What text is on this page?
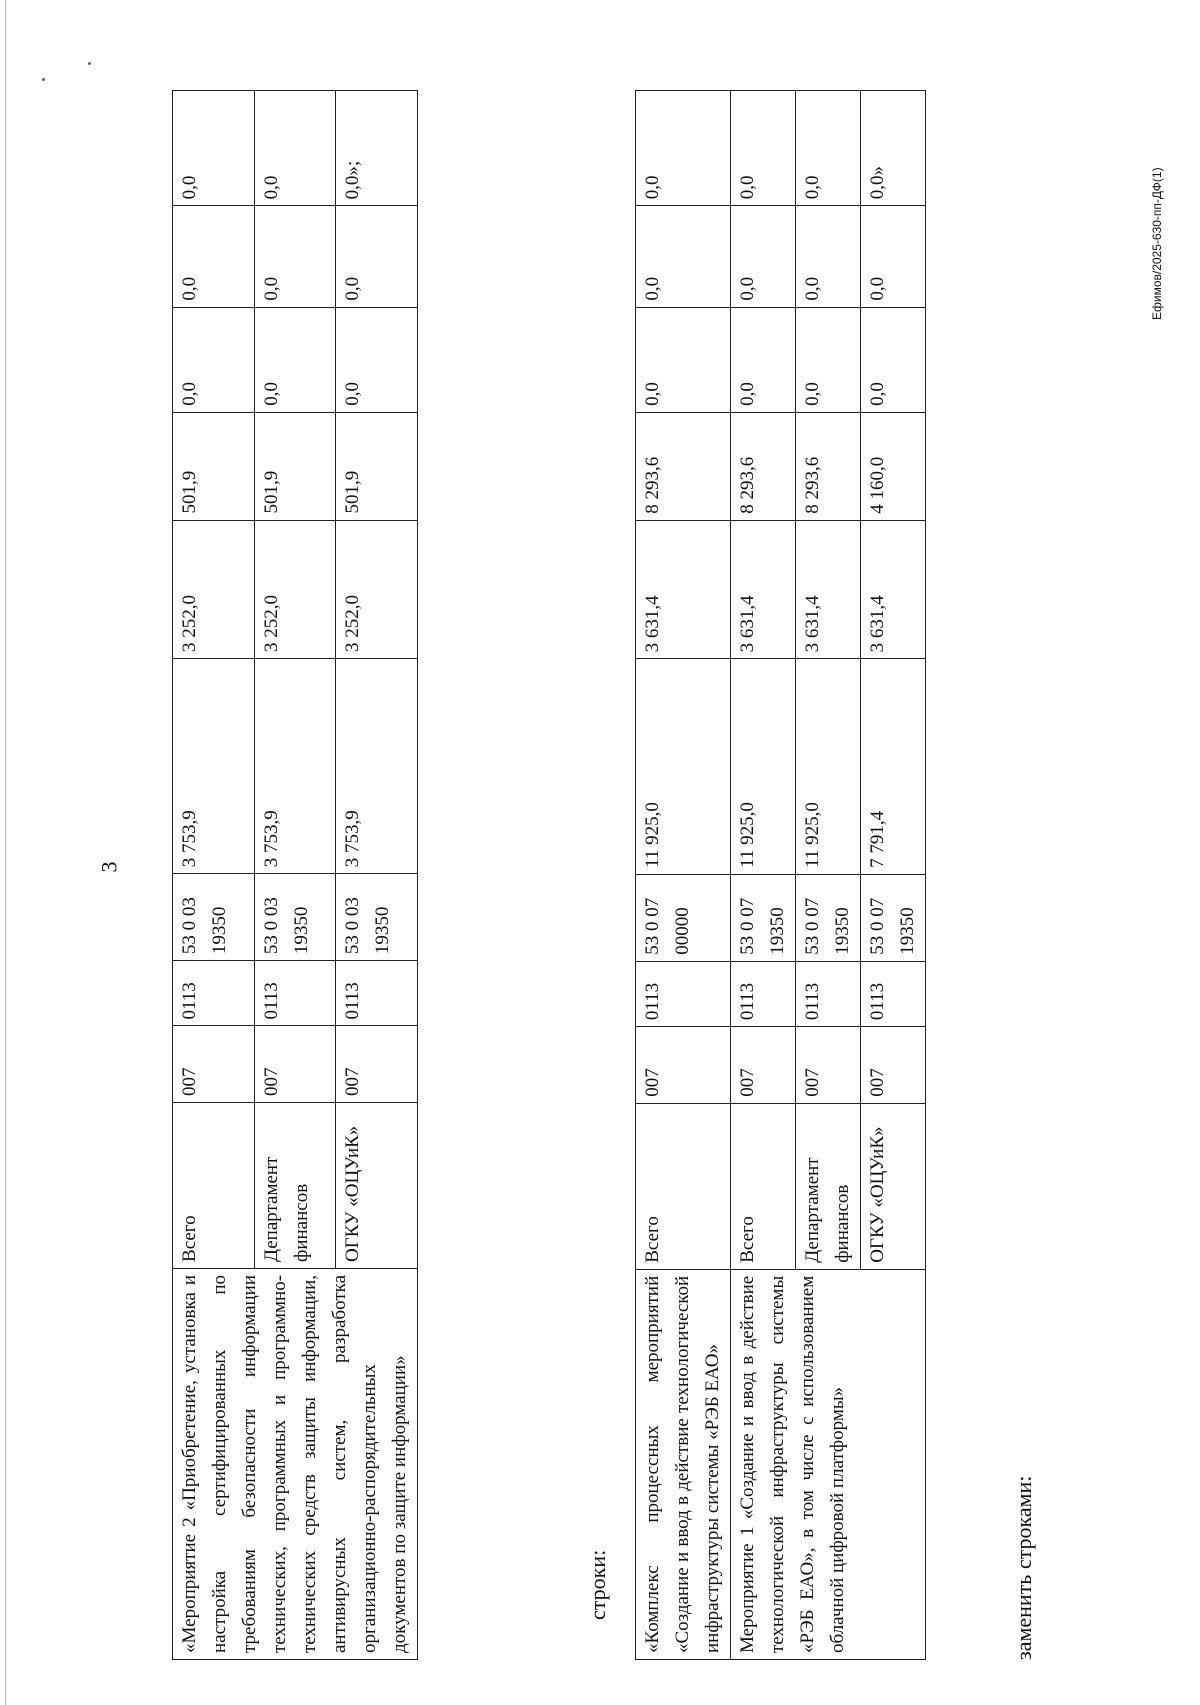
3
Ефимов/2025-630-пп-ДФ(1)
«Мероприятие 2 «Приобретение, установка и настройка сертифицированных по требованиям безопасности информации технических, программных и программно-технических средств защиты информации, антивирусных систем, разработка организационно-распорядительных документов по защите информации»	Всего	007	0113	53 0 03 19350	3 753,9	3 252,0	501,9	0,0	0,0	0,0
	Департамент финансов	007	0113	53 0 03 19350	3 753,9	3 252,0	501,9	0,0	0,0	0,0
	ОГКУ «ОЦУиК»	007	0113	53 0 03 19350	3 753,9	3 252,0	501,9	0,0	0,0	0,0»;
строки: «Комплекс процессных мероприятий «Создание и ввод в действие технологической инфраструктуры системы «РЭБ ЕАО»	Всего	007	0113	53 0 07 00000	11 925,0	3 631,4	8 293,6	0,0	0,0	0,0
Мероприятие 1 «Создание и ввод в действие технологической инфраструктуры системы «РЭБ ЕАО», в том числе с использованием облачной цифровой платформы»	Всего	007	0113	53 0 07 19350	11 925,0	3 631,4	8 293,6	0,0	0,0	0,0
	Департамент финансов	007	0113	53 0 07 19350	11 925,0	3 631,4	8 293,6	0,0	0,0	0,0
	ОГКУ «ОЦУиК»	007	0113	53 0 07 19350	7 791,4	3 631,4	4 160,0	0,0	0,0	0,0»
заменить строками:
